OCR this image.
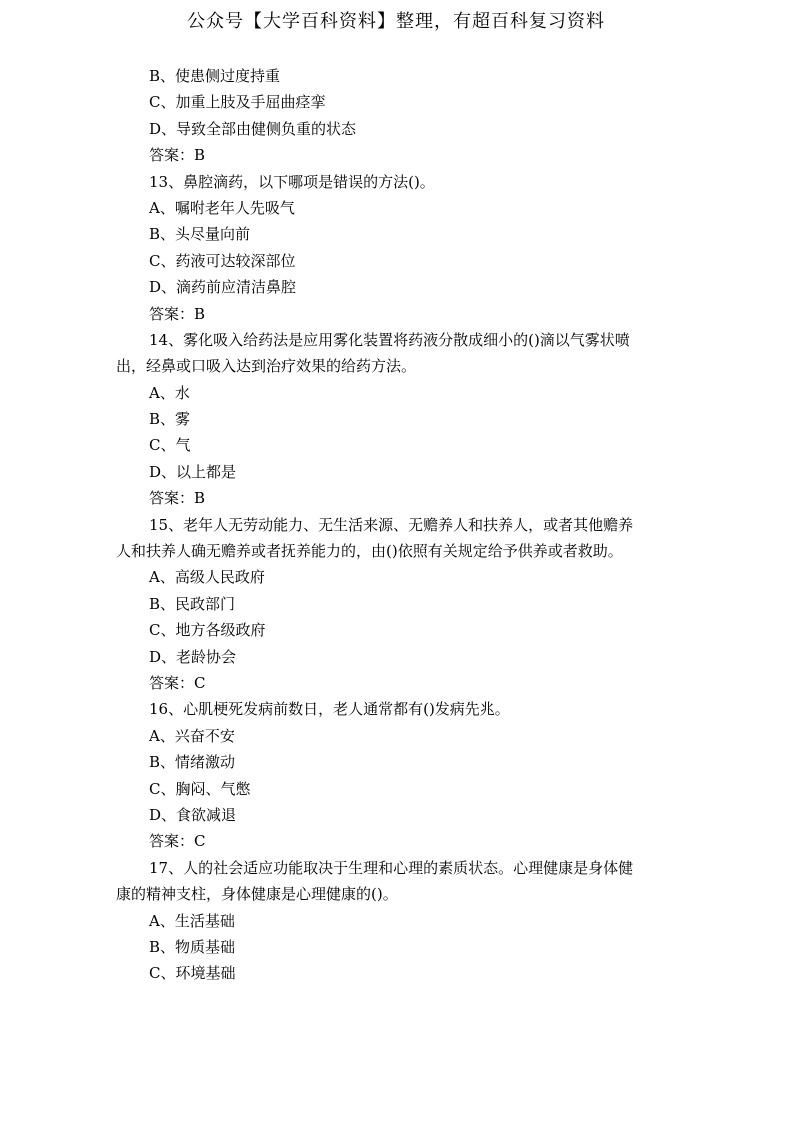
公众号【大学百科资料】整理，有超百科复习资料
B、使患侧过度持重
C、加重上肢及手屈曲痉挛
D、导致全部由健侧负重的状态
答案：B
13、鼻腔滴药，以下哪项是错误的方法()。
A、嘱咐老年人先吸气
B、头尽量向前
C、药液可达较深部位
D、滴药前应清洁鼻腔
答案：B
14、雾化吸入给药法是应用雾化装置将药液分散成细小的()滴以气雾状喷
出，经鼻或口吸入达到治疗效果的给药方法。
A、水
B、雾
C、气
D、以上都是
答案：B
15、老年人无劳动能力、无生活来源、无赡养人和扶养人，或者其他赡养
人和扶养人确无赡养或者抚养能力的，由()依照有关规定给予供养或者救助。
A、高级人民政府
B、民政部门
C、地方各级政府
D、老龄协会
答案：C
16、心肌梗死发病前数日，老人通常都有()发病先兆。
A、兴奋不安
B、情绪激动
C、胸闷、气憋
D、食欲减退
答案：C
17、人的社会适应功能取决于生理和心理的素质状态。心理健康是身体健
康的精神支柱，身体健康是心理健康的()。
A、生活基础
B、物质基础
C、环境基础
